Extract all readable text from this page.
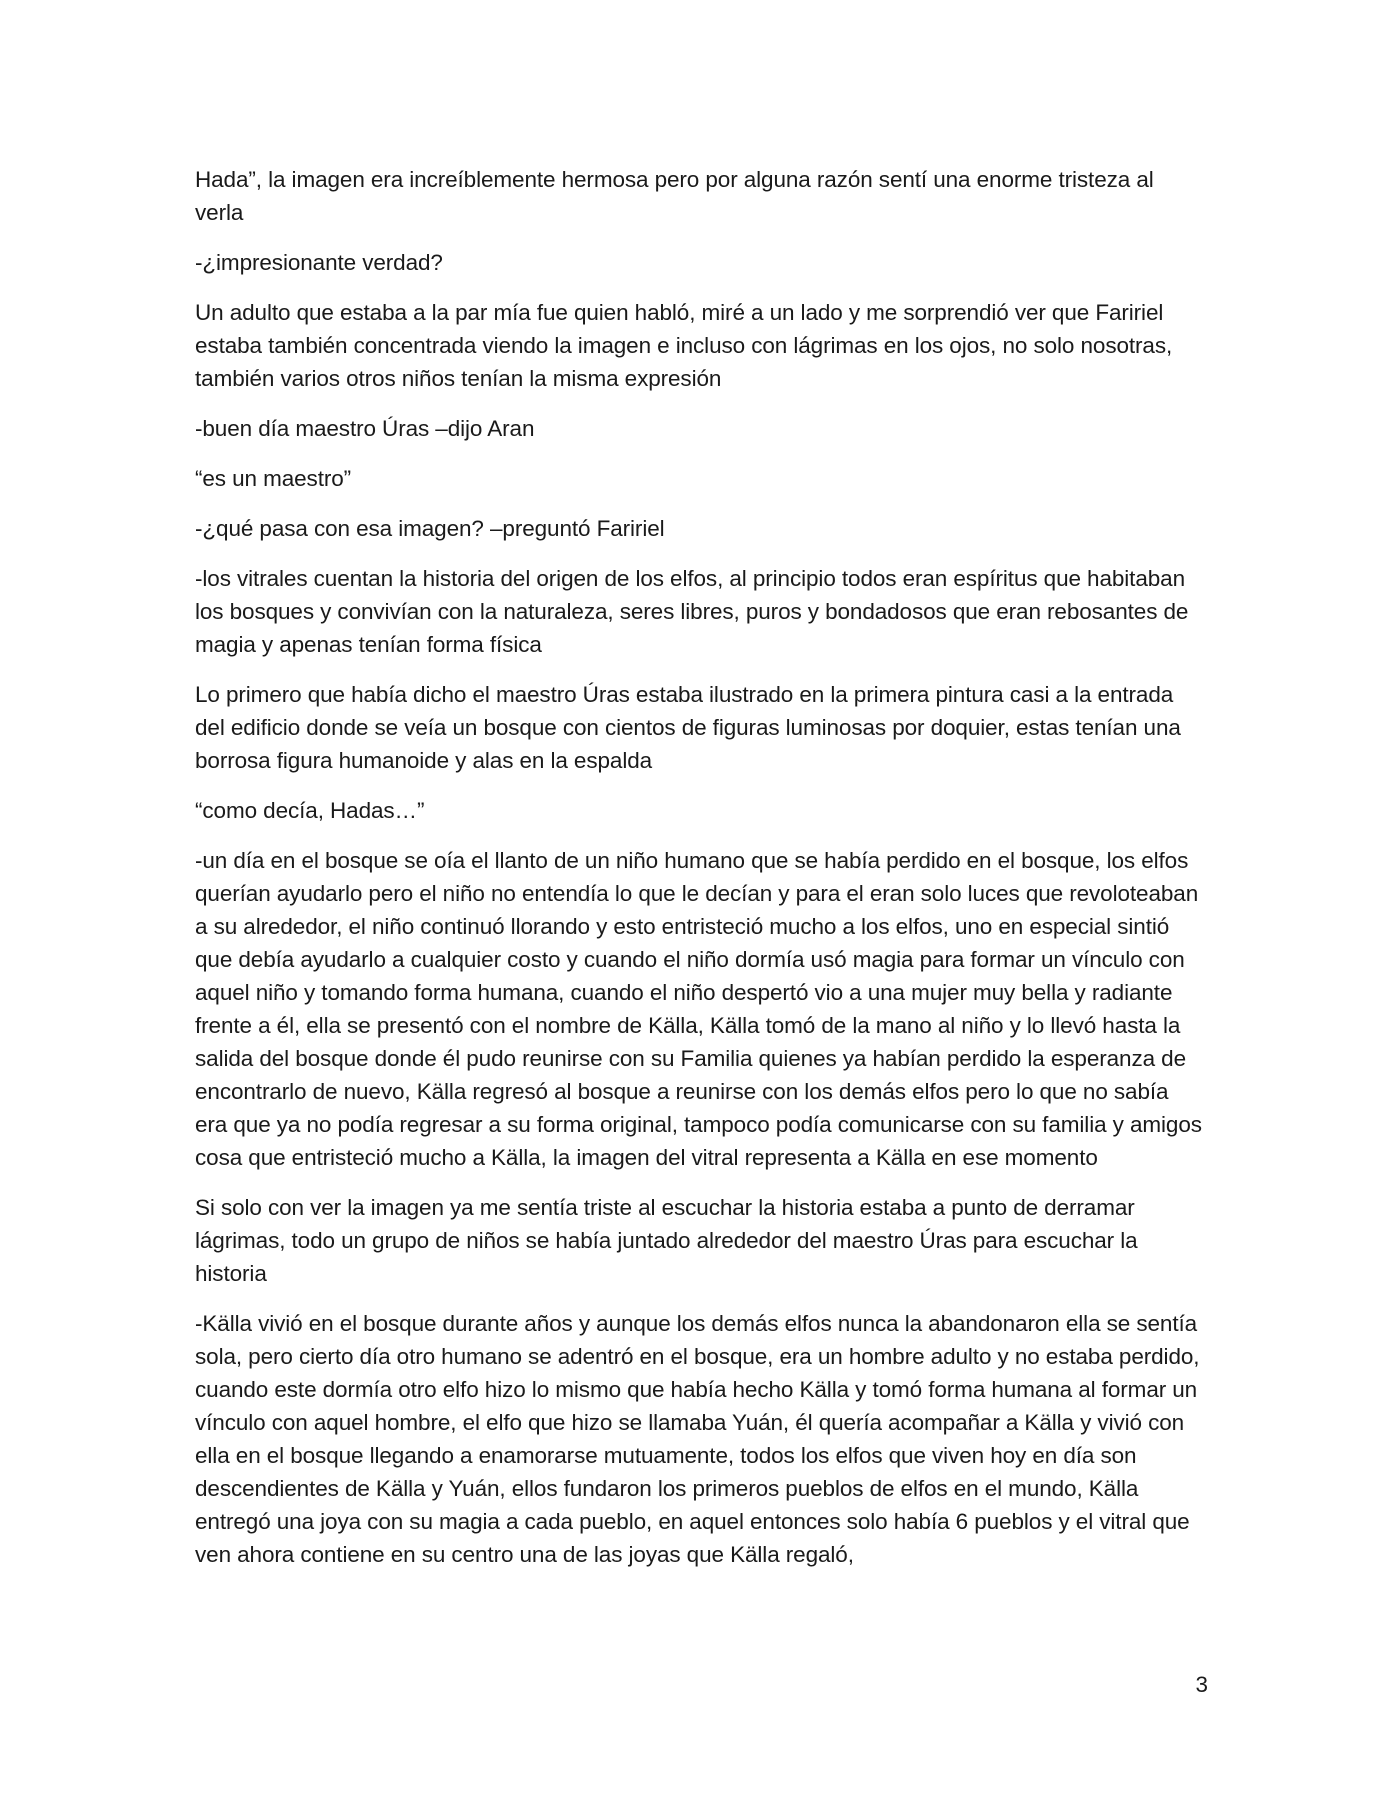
Hada”, la imagen era increíblemente hermosa pero por alguna razón sentí una enorme tristeza al verla

-¿impresionante verdad?

Un adulto que estaba a la par mía fue quien habló, miré a un lado y me sorprendió ver que Faririel estaba también concentrada viendo la imagen e incluso con lágrimas en los ojos, no solo nosotras, también varios otros niños tenían la misma expresión

-buen día maestro Úras –dijo Aran

“es un maestro”

-¿qué pasa con esa imagen? –preguntó Faririel

-los vitrales cuentan la historia del origen de los elfos, al principio todos eran espíritus que habitaban los bosques y convivían con la naturaleza, seres libres, puros y bondadosos que eran rebosantes de magia y apenas tenían forma física

Lo primero que había dicho el maestro Úras estaba ilustrado en la primera pintura casi a la entrada del edificio donde se veía un bosque con cientos de figuras luminosas por doquier, estas tenían una borrosa figura humanoide y alas en la espalda

“como decía, Hadas…”

-un día en el bosque se oía el llanto de un niño humano que se había perdido en el bosque, los elfos querían ayudarlo pero el niño no entendía lo que le decían y para el eran solo luces que revoloteaban a su alrededor, el niño continuó llorando y esto entristeció mucho a los elfos, uno en especial sintió que debía ayudarlo a cualquier costo y cuando el niño dormía usó magia para formar un vínculo con aquel niño y tomando forma humana, cuando el niño despertó vio a una mujer muy bella y radiante frente a él, ella se presentó con el nombre de Källa, Källa tomó de la mano al niño y lo llevó hasta la salida del bosque donde él pudo reunirse con su Familia quienes ya habían perdido la esperanza de encontrarlo de nuevo, Källa regresó al bosque a reunirse con los demás elfos pero lo que no sabía era que ya no podía regresar a su forma original, tampoco podía comunicarse con su familia y amigos cosa que entristeció mucho a Källa, la imagen del vitral representa a Källa en ese momento

Si solo con ver la imagen ya me sentía triste al escuchar la historia estaba a punto de derramar lágrimas, todo un grupo de niños se había juntado alrededor del maestro Úras para escuchar la historia

-Källa vivió en el bosque durante años y aunque los demás elfos nunca la abandonaron ella se sentía sola, pero cierto día otro humano se adentró en el bosque, era un hombre adulto y no estaba perdido, cuando este dormía otro elfo hizo lo mismo que había hecho Källa y tomó forma humana al formar un vínculo con aquel hombre, el elfo que hizo se llamaba Yuán, él quería acompañar a Källa y vivió con ella en el bosque llegando a enamorarse mutuamente, todos los elfos que viven hoy en día son descendientes de Källa y Yuán, ellos fundaron los primeros pueblos de elfos en el mundo, Källa entregó una joya con su magia a cada pueblo, en aquel entonces solo había 6 pueblos y el vitral que ven ahora contiene en su centro una de las joyas que Källa regaló,

3
